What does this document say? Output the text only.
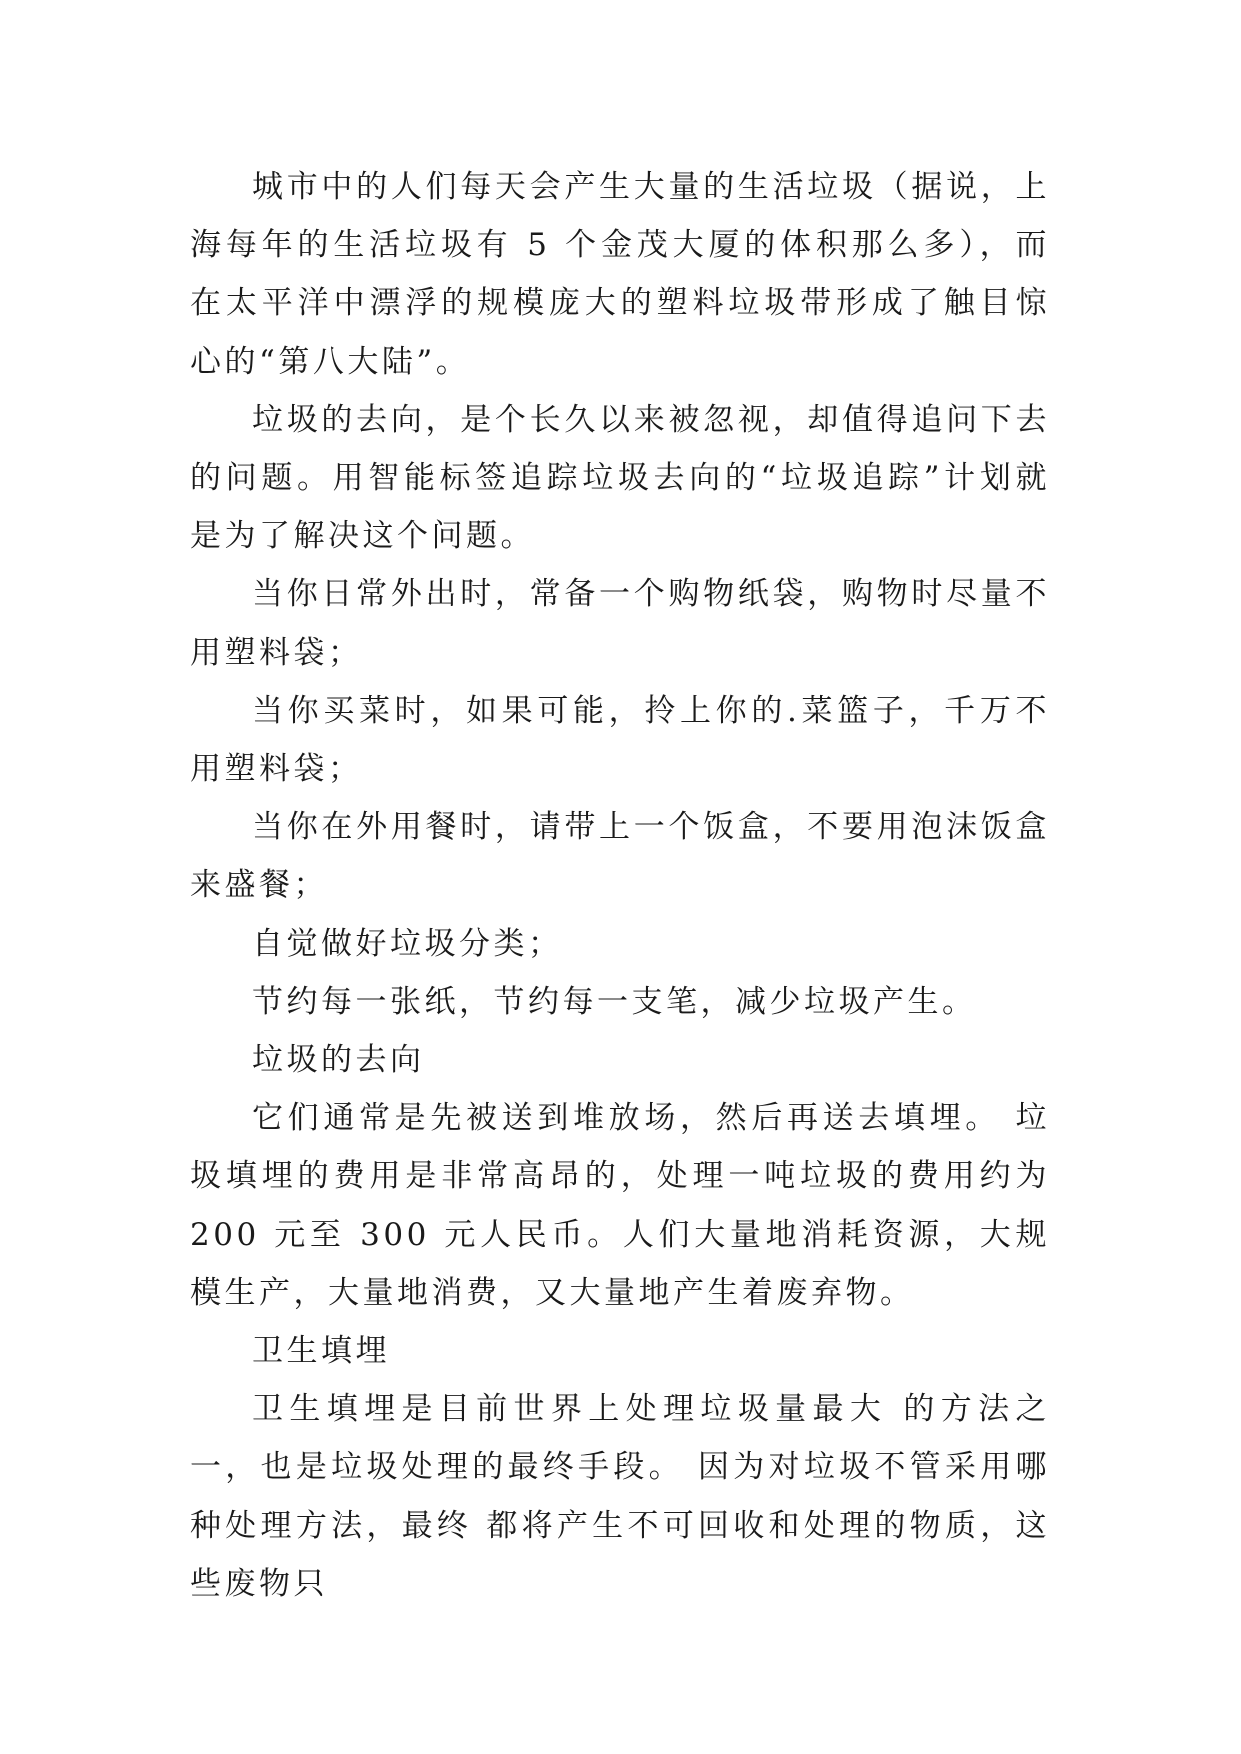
城市中的人们每天会产生大量的生活垃圾（据说，上海每年的生活垃圾有 5 个金茂大厦的体积那么多），而在太平洋中漂浮的规模庞大的塑料垃圾带形成了触目惊心的“第八大陆”。

垃圾的去向，是个长久以来被忽视，却值得追问下去的问题。用智能标签追踪垃圾去向的“垃圾追踪”计划就是为了解决这个问题。

当你日常外出时，常备一个购物纸袋，购物时尽量不用塑料袋；

当你买菜时，如果可能，拎上你的.菜篮子，千万不用塑料袋；

当你在外用餐时，请带上一个饭盒，不要用泡沫饭盒来盛餐；

自觉做好垃圾分类；

节约每一张纸，节约每一支笔，减少垃圾产生。

垃圾的去向

它们通常是先被送到堆放场，然后再送去填埋。 垃圾填埋的费用是非常高昂的，处理一吨垃圾的费用约为 200 元至 300 元人民币。人们大量地消耗资源，大规模生产，大量地消费，又大量地产生着废弃物。

卫生填埋

卫生填埋是目前世界上处理垃圾量最大 的方法之一，也是垃圾处理的最终手段。 因为对垃圾不管采用哪种处理方法，最终 都将产生不可回收和处理的物质，这些废物只
